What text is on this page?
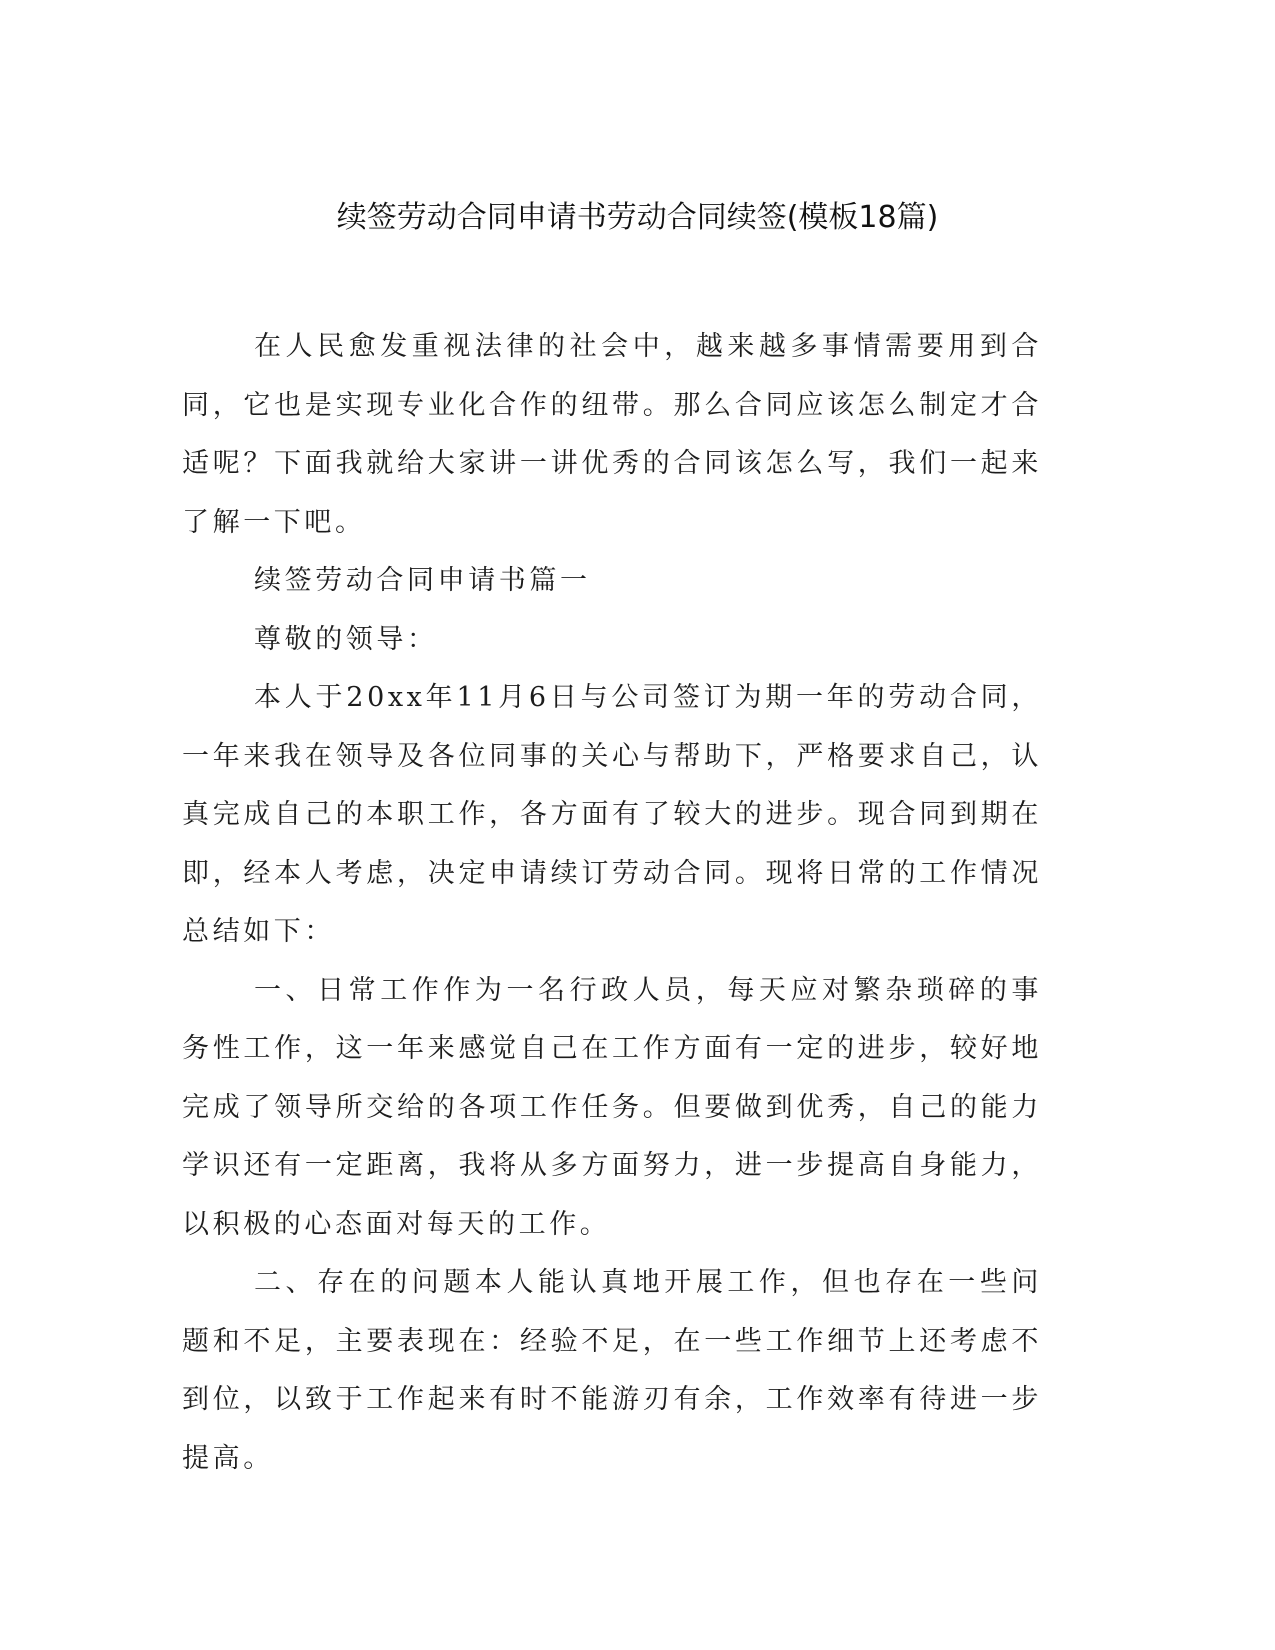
续签劳动合同申请书劳动合同续签(模板18篇)

在人民愈发重视法律的社会中，越来越多事情需要用到合同，它也是实现专业化合作的纽带。那么合同应该怎么制定才合适呢？下面我就给大家讲一讲优秀的合同该怎么写，我们一起来了解一下吧。

续签劳动合同申请书篇一

尊敬的领导：

本人于20xx年11月6日与公司签订为期一年的劳动合同，一年来我在领导及各位同事的关心与帮助下，严格要求自己，认真完成自己的本职工作，各方面有了较大的进步。现合同到期在即，经本人考虑，决定申请续订劳动合同。现将日常的工作情况总结如下：

一、日常工作作为一名行政人员，每天应对繁杂琐碎的事务性工作，这一年来感觉自己在工作方面有一定的进步，较好地完成了领导所交给的各项工作任务。但要做到优秀，自己的能力学识还有一定距离，我将从多方面努力，进一步提高自身能力，以积极的心态面对每天的工作。

二、存在的问题本人能认真地开展工作，但也存在一些问题和不足，主要表现在：经验不足，在一些工作细节上还考虑不到位，以致于工作起来有时不能游刃有余，工作效率有待进一步提高。
